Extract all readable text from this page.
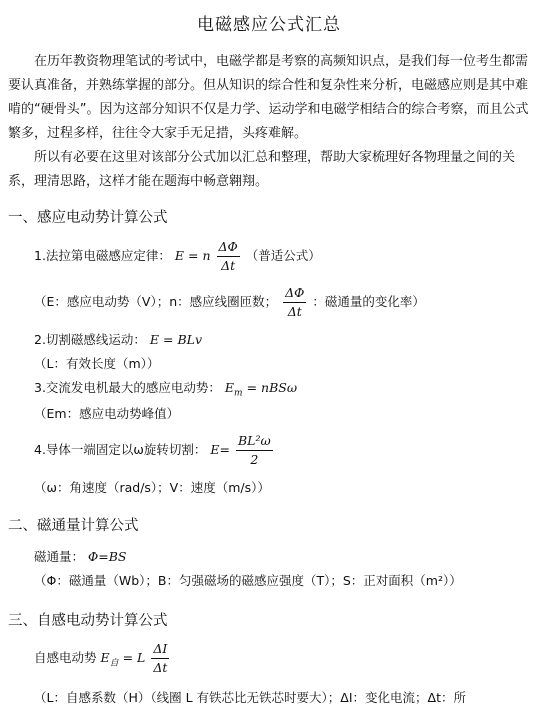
电磁感应公式汇总
在历年教资物理笔试的考试中，电磁学都是考察的高频知识点，是我们每一位考生都需要认真准备，并熟练掌握的部分。但从知识的综合性和复杂性来分析，电磁感应则是其中难啃的“硬骨头”。因为这部分知识不仅是力学、运动学和电磁学相结合的综合考察，而且公式繁多，过程多样，往往令大家手无足措，头疼难解。
所以有必要在这里对该部分公式加以汇总和整理，帮助大家梳理好各物理量之间的关系，理清思路，这样才能在题海中畅意翱翔。
一、感应电动势计算公式
1.法拉第电磁感应定律： E = n $\frac{\Delta\Phi}{\Delta t}$ （普适公式）
（E：感应电动势（V）；n：感应线圈匝数； $\frac{\Delta\Phi}{\Delta t}$ ：磁通量的变化率）
2.切割磁感线运动： E = BLv
（L：有效长度（m））
3.交流发电机最大的感应电动势： $E_m = nBS\omega$
（Em：感应电动势峰值）
4.导体一端固定以ω旋转切割： $E= \frac{\text{BL²ω}}{2}$
（ω：角速度（rad/s）；V：速度（m/s））
二、磁通量计算公式
磁通量： Φ=BS
（Φ：磁通量（Wb）；B：匀强磁场的磁感应强度（T）；S：正对面积（m²））
三、自感电动势计算公式
自感电动势 $E_自 = L \frac{\Delta I}{\Delta t}$
（L：自感系数（H）（线圈 L 有铁芯比无铁芯时要大）；ΔI：变化电流；Δt：所
